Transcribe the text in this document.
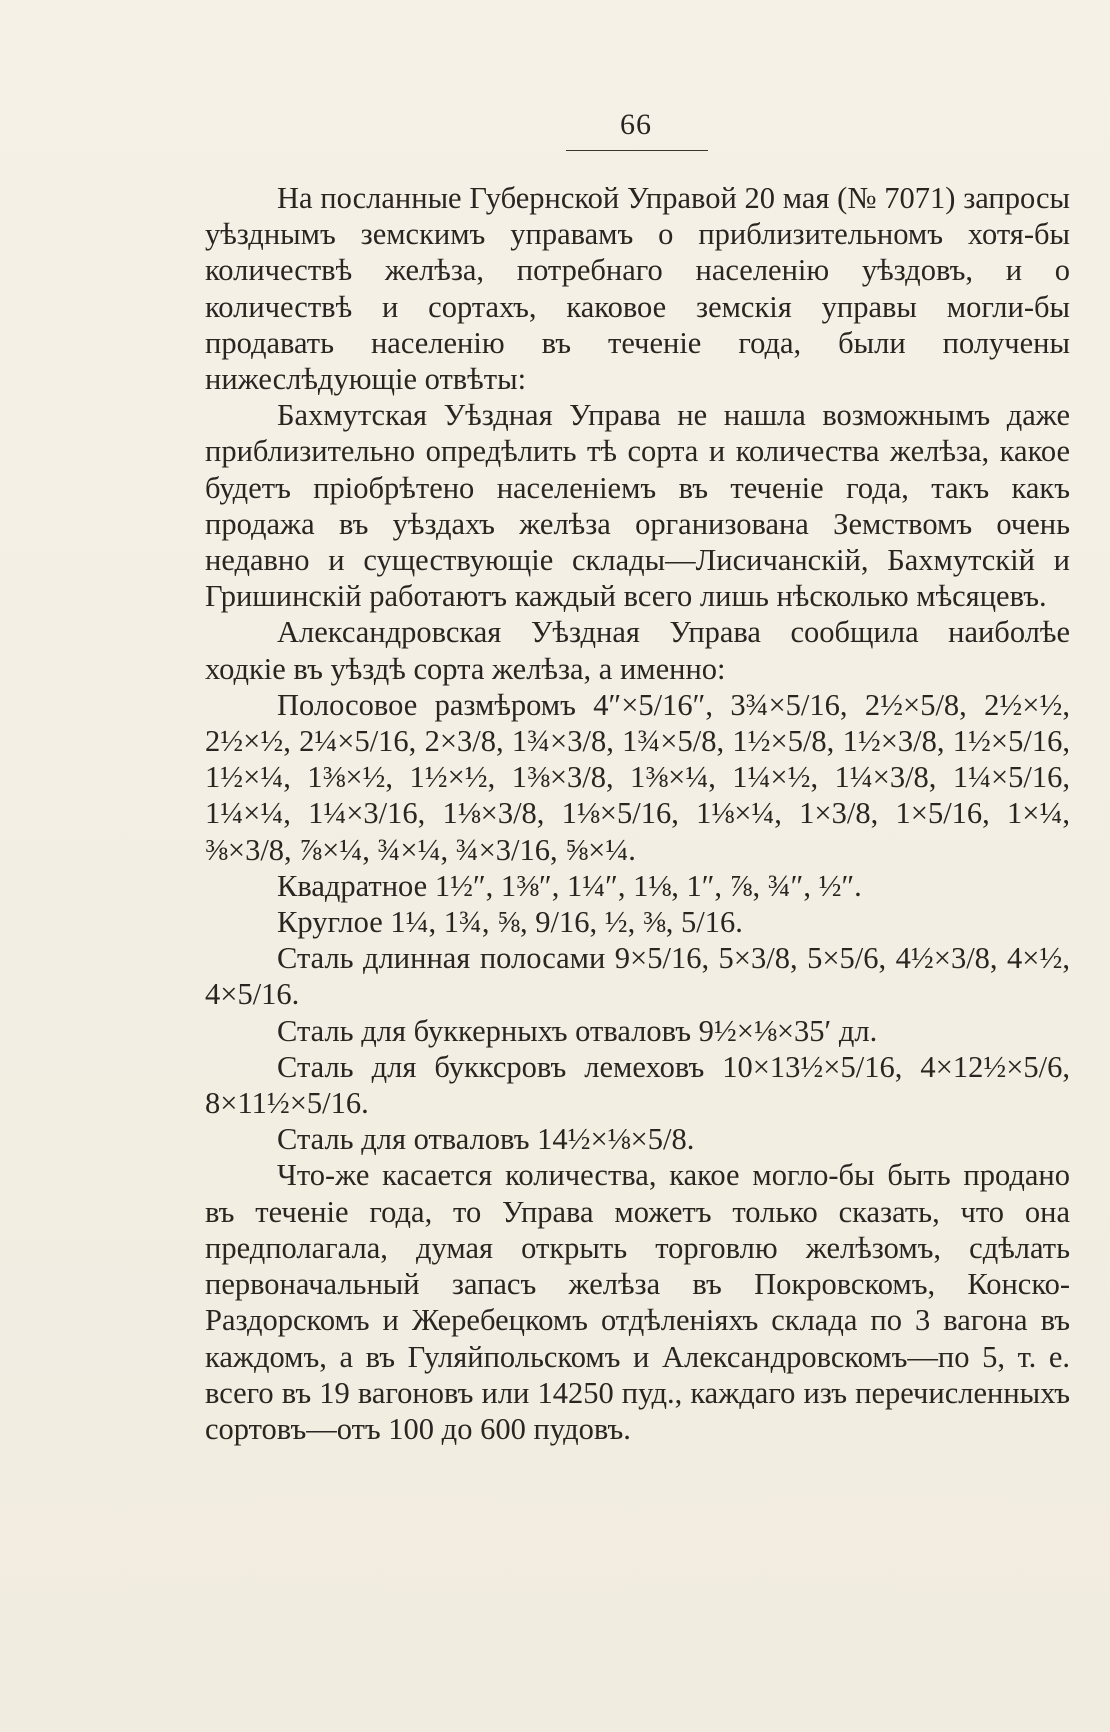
66

На посланные Губернской Управой 20 мая (№ 7071) запросы уѣзднымъ земскимъ управамъ о приблизительномъ хотя-бы количествѣ желѣза, потребнаго населенію уѣздовъ, и о количествѣ и сортахъ, каковое земскія управы могли-бы продавать населенію въ теченіе года, были получены нижеслѣдующіе отвѣты:

Бахмутская Уѣздная Управа не нашла возможнымъ даже приблизительно опредѣлить тѣ сорта и количества желѣза, какое будетъ пріобрѣтено населеніемъ въ теченіе года, такъ какъ продажа въ уѣздахъ желѣза организована Земствомъ очень недавно и существующіе склады—Лисичанскій, Бахмутскій и Гришинскій работаютъ каждый всего лишь нѣсколько мѣсяцевъ.

Александровская Уѣздная Управа сообщила наиболѣе ходкіе въ уѣздѣ сорта желѣза, а именно:

Полосовое размѣромъ 4″×5/16″, 3¾×5/16, 2½×5/8, 2½×½, 2½×½, 2¼×5/16, 2×3/8, 1¾×3/8, 1¾×5/8, 1½×5/8, 1½×3/8, 1½×5/16, 1½×¼, 1⅜×½, 1½×½, 1⅜×3/8, 1⅜×¼, 1¼×½, 1¼×3/8, 1¼×5/16, 1¼×¼, 1¼×3/16, 1⅛×3/8, 1⅛×5/16, 1⅛×¼, 1×3/8, 1×5/16, 1×¼, ⅜×3/8, ⅞×¼, ¾×¼, ¾×3/16, ⅝×¼.

Квадратное 1½″, 1⅜″, 1¼″, 1⅛, 1″, ⅞, ¾″, ½″.

Круглое 1¼, 1¾, ⅝, 9/16, ½, ⅜, 5/16.

Сталь длинная полосами 9×5/16, 5×3/8, 5×5/6, 4½×3/8, 4×½, 4×5/16.

Сталь для буккерныхъ отваловъ 9½×⅛×35′ дл.

Сталь для букксровъ лемеховъ 10×13½×5/16, 4×12½×5/6, 8×11½×5/16.

Сталь для отваловъ 14½×⅛×5/8.

Что-же касается количества, какое могло-бы быть продано въ теченіе года, то Управа можетъ только сказать, что она предполагала, думая открыть торговлю желѣзомъ, сдѣлать первоначальный запасъ желѣза въ Покровскомъ, Конско-Раздорскомъ и Жеребецкомъ отдѣленіяхъ склада по 3 вагона въ каждомъ, а въ Гуляйпольскомъ и Александровскомъ—по 5, т. е. всего въ 19 вагоновъ или 14250 пуд., каждаго изъ перечисленныхъ сортовъ—отъ 100 до 600 пудовъ.
